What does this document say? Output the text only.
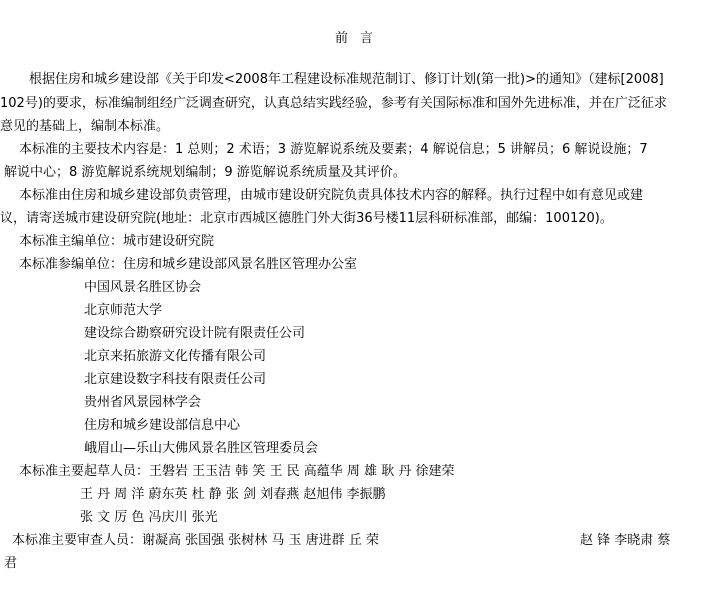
前言
根据住房和城乡建设部《关于印发<2008年工程建设标准规范制订、修订计划(第一批)>的通知》（建标[2008]
102号)的要求，标准编制组经广泛调查研究，认真总结实践经验，参考有关国际标准和国外先进标准，并在广泛征求
意见的基础上，编制本标准。
本标准的主要技术内容是：1 总则；2 术语；3 游览解说系统及要素；4 解说信息；5 讲解员；6 解说设施；7
解说中心；8 游览解说系统规划编制；9 游览解说系统质量及其评价。
本标准由住房和城乡建设部负责管理，由城市建设研究院负责具体技术内容的解释。执行过程中如有意见或建
议，请寄送城市建设研究院(地址：北京市西城区德胜门外大街36号楼11层科研标准部，邮编：100120)。
本标准主编单位：城市建设研究院
本标准参编单位：住房和城乡建设部风景名胜区管理办公室
中国风景名胜区协会
北京师范大学
建设综合勘察研究设计院有限责任公司
北京来拓旅游文化传播有限公司
北京建设数字科技有限责任公司
贵州省风景园林学会
住房和城乡建设部信息中心
峨眉山—乐山大佛风景名胜区管理委员会
本标准主要起草人员：王磐岩 王玉洁 韩 笑 王 民 高蕴华 周 雄 耿 丹 徐建荣
王 丹 周 洋 蔚东英 杜 静 张 剑 刘春燕 赵旭伟 李振鹏
张 文 厉 色 冯庆川 张光
本标准主要审查人员：谢凝高 张国强 张树林 马 玉 唐进群 丘 荣	赵 锋 李晓肃 蔡
君
